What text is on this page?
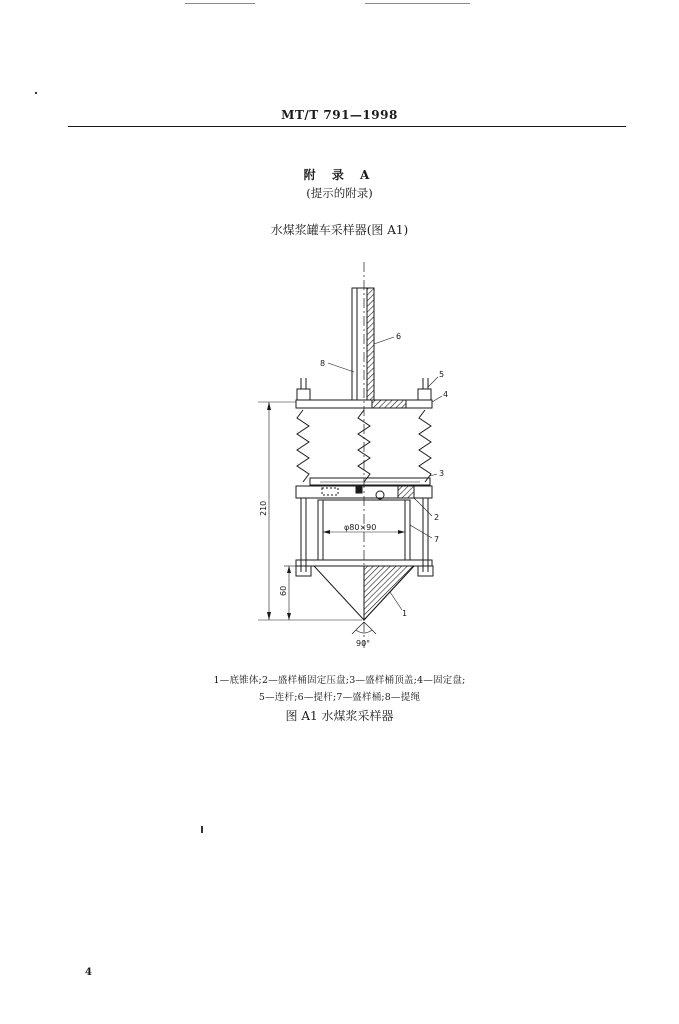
MT/T 791—1998
附 录 A
(提示的附录)
水煤浆罐车采样器(图 A1)
210
60
φ80×90
90°
6
8
5
4
3
2
7
1
1—底锥体;2—盛样桶固定压盘;3—盛样桶顶盖;4—固定盘;
5—连杆;6—提杆;7—盛样桶;8—提绳
图 A1 水煤浆采样器
4
